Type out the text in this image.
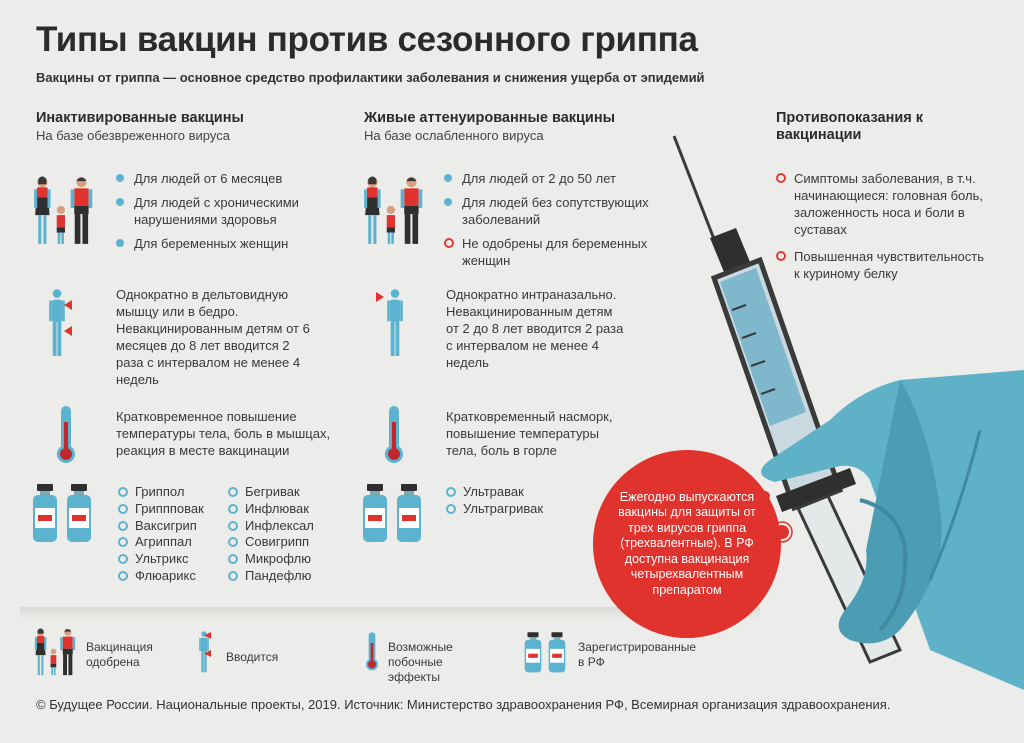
Типы вакцин против сезонного гриппа
Вакцины от гриппа — основное средство профилактики заболевания и снижения ущерба от эпидемий
Инактивированные вакцины
На базе обезвреженного вируса
Живые аттенуированные вакцины
На базе ослабленного вируса
Противопоказания к вакцинации
Для людей от 6 месяцев
Для людей с хроническими нарушениями здоровья
Для беременных женщин
Для людей от 2 до 50 лет
Для людей без сопутствующих заболеваний
Не одобрены для беременных женщин
Симптомы заболевания, в т.ч. начинающиеся: головная боль, заложенность носа и боли в суставах
Повышенная чувствительность к куриному белку
Однократно в дельтовидную мышцу или в бедро. Невакцинированным детям от 6 месяцев до 8 лет вводится 2 раза с интервалом не менее 4 недель
Однократно интраназально. Невакцинированным детям от 2 до 8 лет вводится 2 раза с интервалом не менее 4 недель
Кратковременное повышение температуры тела, боль в мышцах, реакция в месте вакцинации
Кратковременный насморк, повышение температуры тела, боль в горле
Гриппол
Гриппповак
Ваксигрип
Агриппал
Ультрикс
Флюарикс
Бегривак
Инфлювак
Инфлексал
Совигрипп
Микрофлю
Пандефлю
Ультравак
Ультрагривак
Ежегодно выпускаются вакцины для защиты от трех вирусов гриппа (трехвалентные). В РФ доступна вакцинация четырехвалентным препаратом
Вакцинация одобрена	Вводится
Возможные побочные эффекты
Зарегистрированные в РФ
© Будущее России. Национальные проекты, 2019. Источник: Министерство здравоохранения РФ, Всемирная организация здравоохранения.
